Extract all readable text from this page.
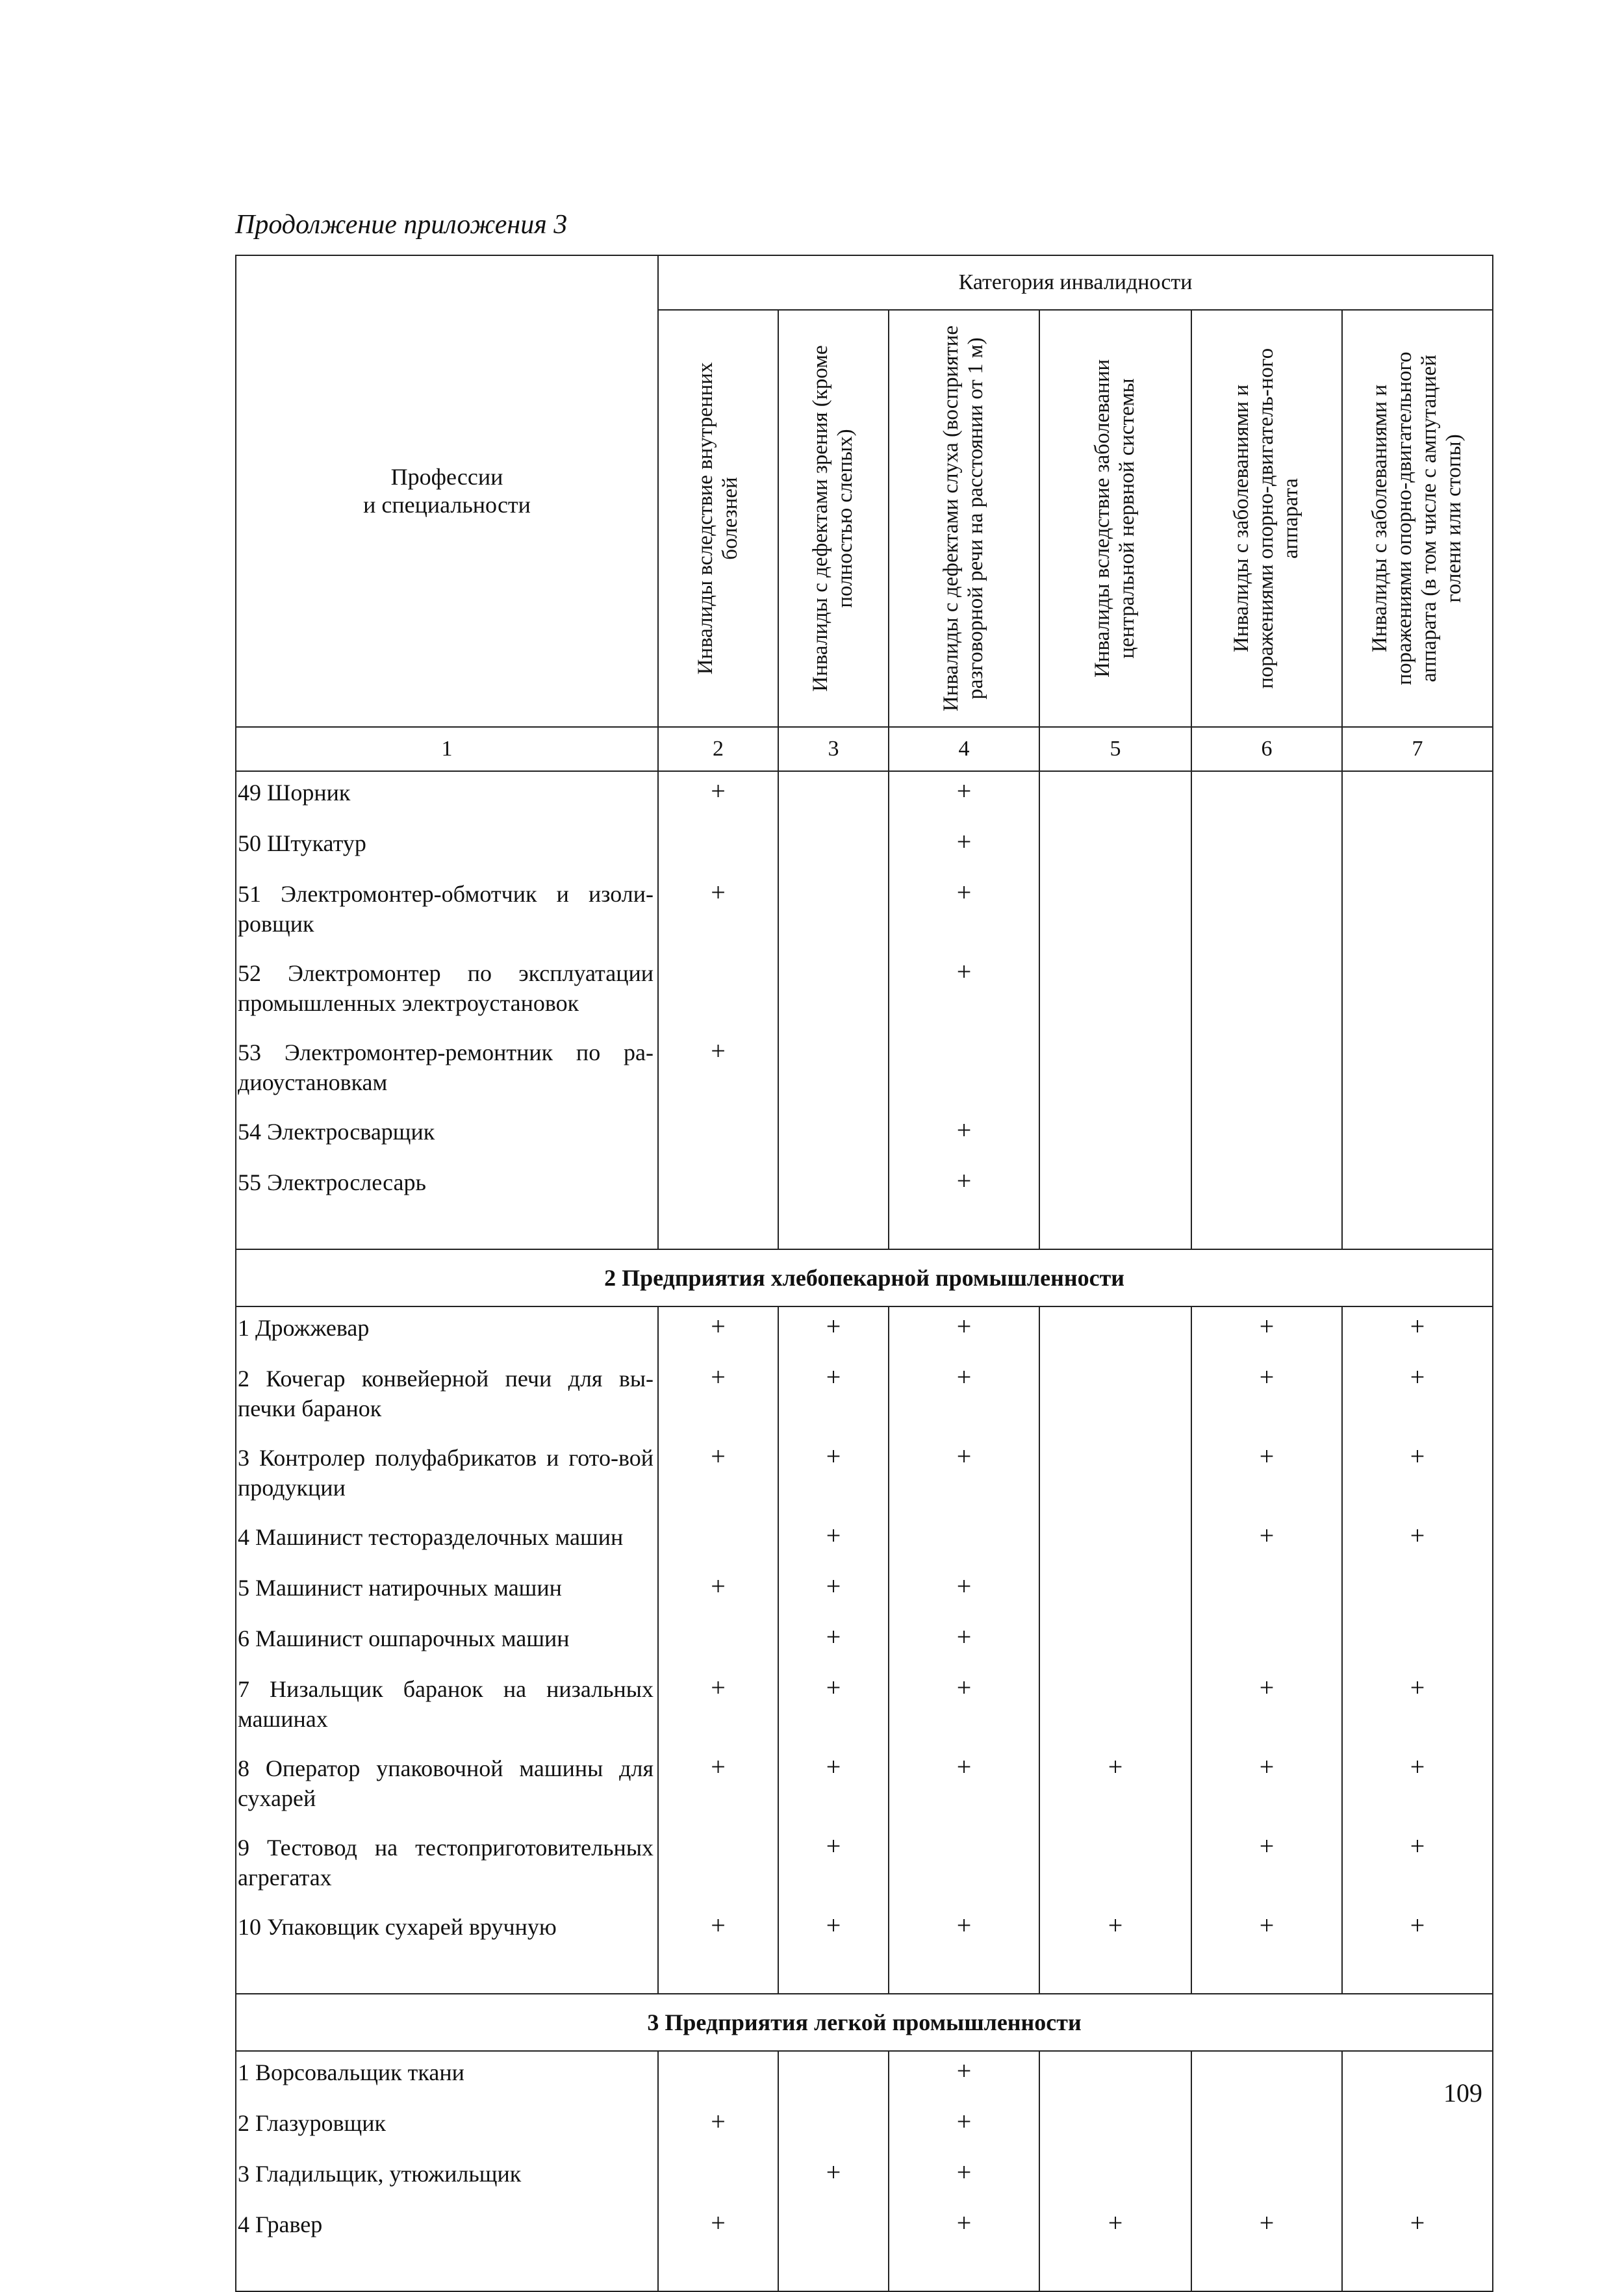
Продолжение приложения 3
Профессии
и специальности	Категория инвалидности					

	Инвалиды вследствие внутренних болезней	Инвалиды с дефектами зрения (кроме полностью слепых)	Инвалиды с дефектами слуха (восприятие разговорной речи на расстоянии от 1 м)	Инвалиды вследствие заболевании центральной нервной системы	Инвалиды с заболеваниями и поражениями опорно-двигатель-ного аппарата	Инвалиды с заболеваниями и поражениями опорно-двигательного аппарата (в том числе с ампутацией голени или стопы)

1	2	3	4	5	6	7
49 Шорник	+		+			
50 Штукатур			+			
51 Электромонтер-обмотчик и изоли-ровщик	+		+			
52 Электромонтер по эксплуатации промышленных электроустановок			+			
53 Электромонтер-ремонтник по ра-диоустановкам	+					
54 Электросварщик			+			
55 Электрослесарь			+			

2 Предприятия хлебопекарной промышленности						
1 Дрожжевар	+	+	+		+	+
2 Кочегар конвейерной печи для вы-печки баранок	+	+	+		+	+
3 Контролер полуфабрикатов и гото-вой продукции	+	+	+		+	+
4 Машинист тестоpазделочных машин		+			+	+
5 Машинист натирочных машин	+	+	+			
6 Машинист ошпарочных машин		+	+			
7 Низальщик баранок на низальных машинах	+	+	+		+	+
8 Оператор упаковочной машины для сухарей	+	+	+	+	+	+
9 Тестовод на тестоприготовительных агрегатах		+			+	+
10 Упаковщик сухарей вручную	+	+	+	+	+	+

3 Предприятия легкой промышленности						
1 Ворсовальщик ткани			+			
2 Глазуровщик	+		+			
3 Гладильщик, утюжильщик		+	+			
4 Гравер	+		+	+	+	+

109
